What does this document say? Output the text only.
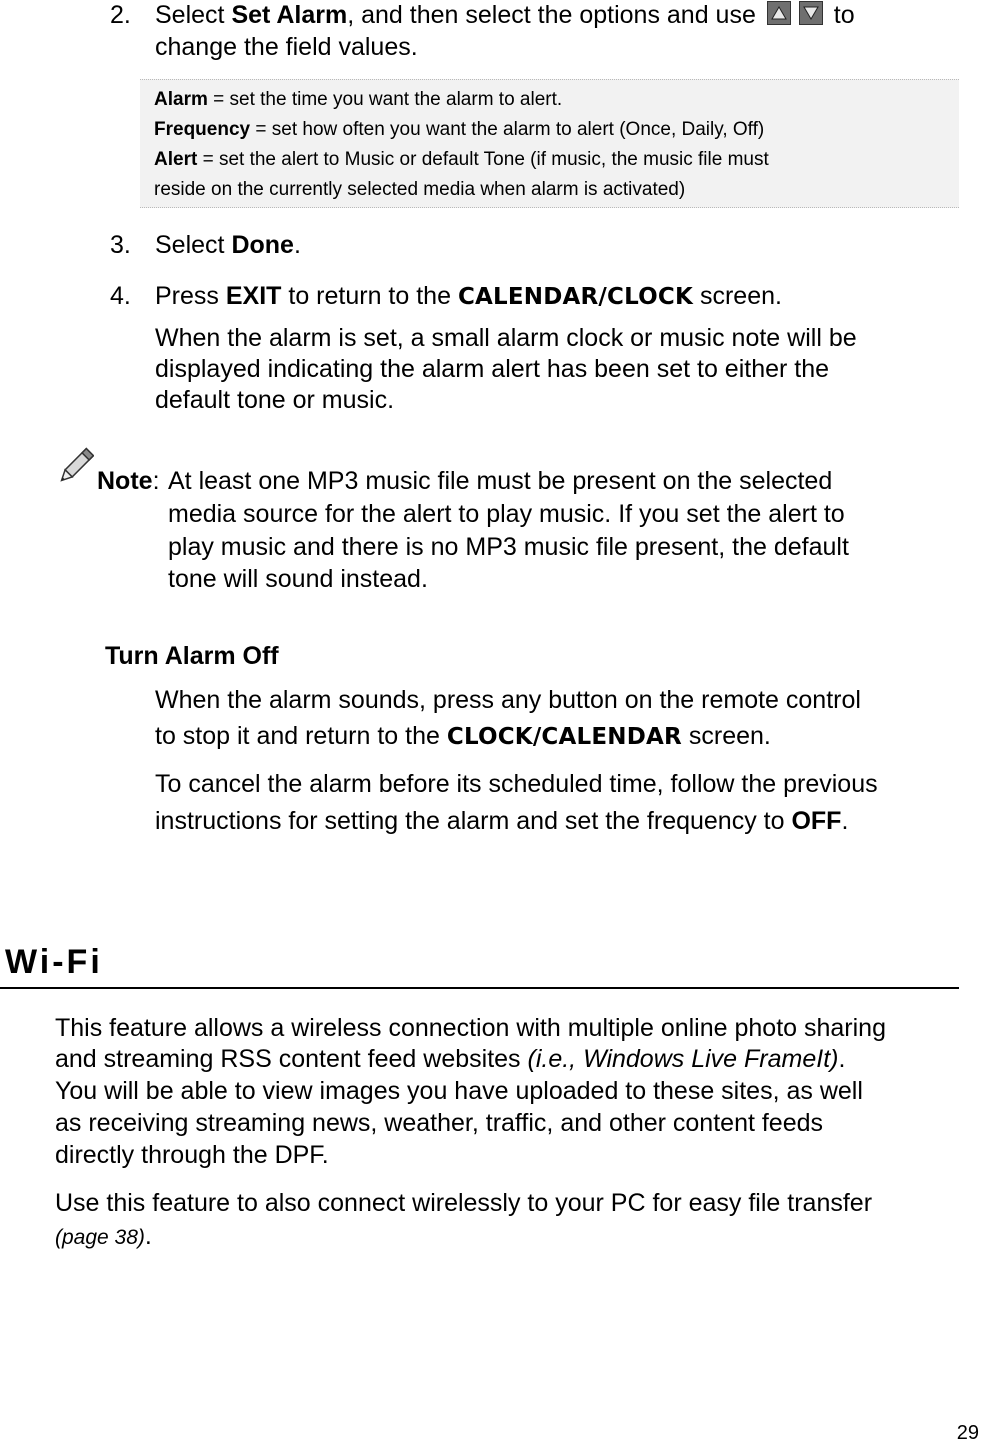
2. Select Set Alarm, and then select the options and use	to
change the field values.
Alarm = set the time you want the alarm to alert.
Frequency = set how often you want the alarm to alert (Once, Daily, Off)
Alert = set the alert to Music or default Tone (if music, the music file must
reside on the currently selected media when alarm is activated)
3. Select Done.
4. Press EXIT to return to the CALENDAR/CLOCK screen.
When the alarm is set, a small alarm clock or music note will be
displayed indicating the alarm alert has been set to either the
default tone or music.
Note: At least one MP3 music file must be present on the selected
media source for the alert to play music. If you set the alert to
play music and there is no MP3 music file present, the default
tone will sound instead.
Turn Alarm Off
When the alarm sounds, press any button on the remote control
to stop it and return to the CLOCK/CALENDAR screen.
To cancel the alarm before its scheduled time, follow the previous
instructions for setting the alarm and set the frequency to OFF.
Wi-Fi
This feature allows a wireless connection with multiple online photo sharing
and streaming RSS content feed websites (i.e., Windows Live FrameIt).
You will be able to view images you have uploaded to these sites, as well
as receiving streaming news, weather, traffic, and other content feeds
directly through the DPF.
Use this feature to also connect wirelessly to your PC for easy file transfer
(page 38).
29
